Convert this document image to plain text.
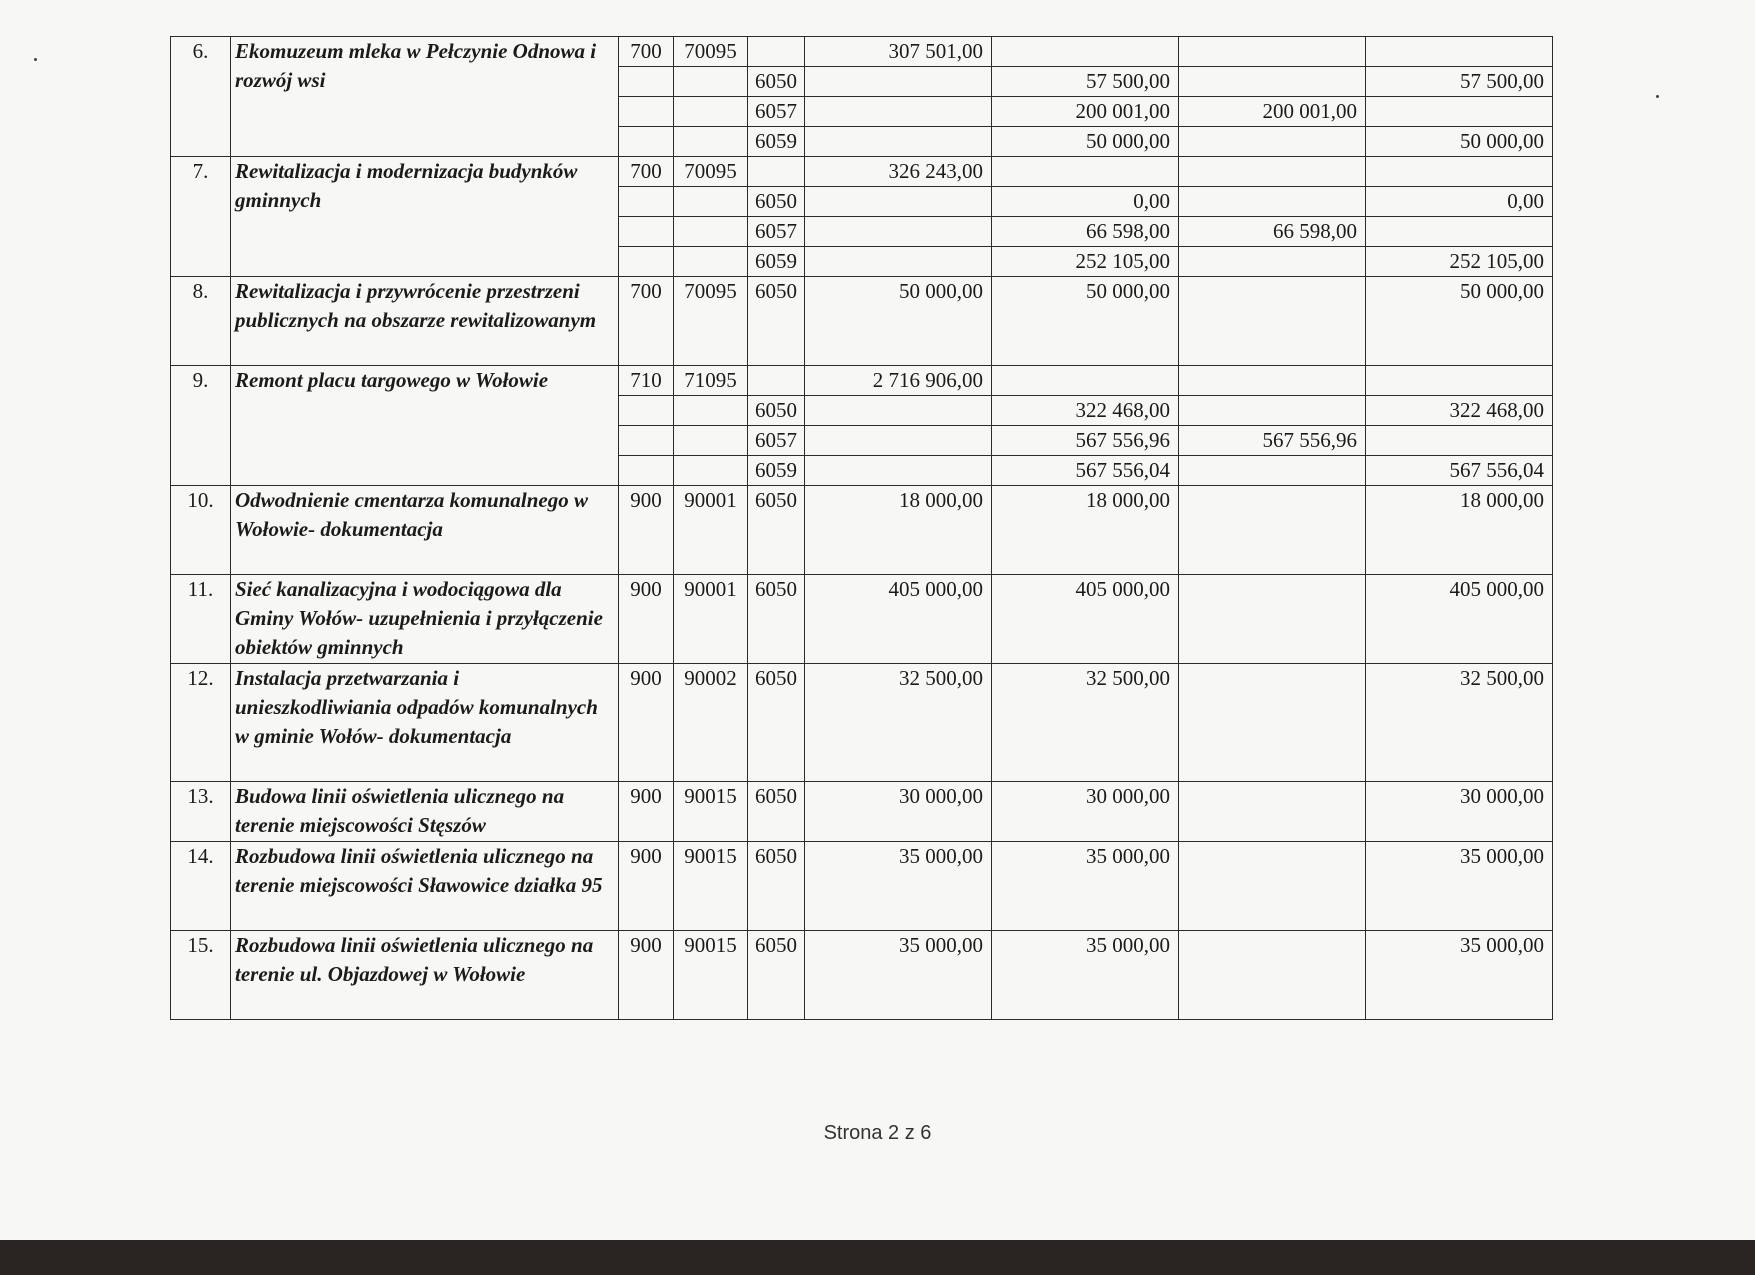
6.	Ekomuzeum mleka w Pełczynie Odnowa i rozwój wsi	700	70095		307 501,00			
				6050		57 500,00		57 500,00
				6057		200 001,00	200 001,00	
				6059		50 000,00		50 000,00
7.	Rewitalizacja i modernizacja budynków gminnych	700	70095		326 243,00			
				6050		0,00		0,00
				6057		66 598,00	66 598,00	
				6059		252 105,00		252 105,00
8.	Rewitalizacja i przywrócenie przestrzeni publicznych na obszarze rewitalizowanym	700	70095	6050	50 000,00	50 000,00		50 000,00
9.	Remont placu targowego w Wołowie	710	71095		2 716 906,00			
				6050		322 468,00		322 468,00
				6057		567 556,96	567 556,96	
				6059		567 556,04		567 556,04
10.	Odwodnienie cmentarza komunalnego w Wołowie- dokumentacja	900	90001	6050	18 000,00	18 000,00		18 000,00
11.	Sieć kanalizacyjna i wodociągowa dla Gminy Wołów- uzupełnienia i przyłączenie obiektów gminnych	900	90001	6050	405 000,00	405 000,00		405 000,00
12.	Instalacja przetwarzania i unieszkodliwiania odpadów komunalnych w gminie Wołów- dokumentacja	900	90002	6050	32 500,00	32 500,00		32 500,00
13.	Budowa linii oświetlenia ulicznego na terenie miejscowości Stęszów	900	90015	6050	30 000,00	30 000,00		30 000,00
14.	Rozbudowa linii oświetlenia ulicznego na terenie miejscowości Sławowice działka 95	900	90015	6050	35 000,00	35 000,00		35 000,00
15.	Rozbudowa linii oświetlenia ulicznego na terenie ul. Objazdowej w Wołowie	900	90015	6050	35 000,00	35 000,00		35 000,00
Strona 2 z 6
